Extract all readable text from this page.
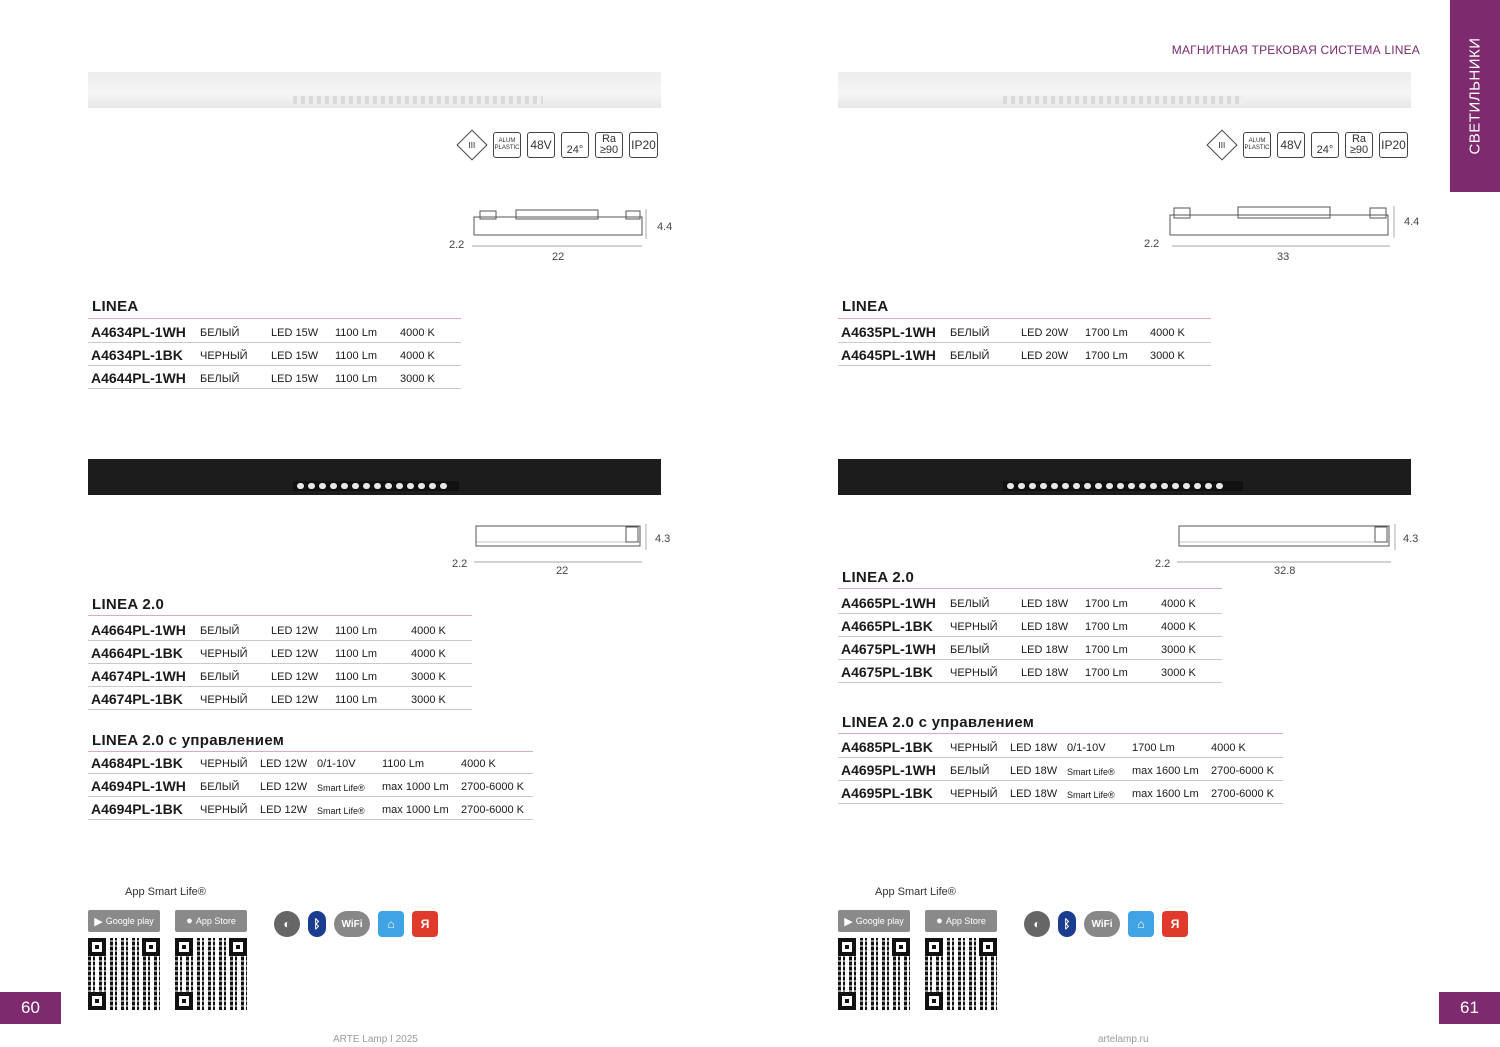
МАГНИТНАЯ ТРЕКОВАЯ СИСТЕМА LINEA	СВЕТИЛЬНИКИ
III	ALUM
PLASTIC 48V	24°
Ra
≥90 IP20
4.4
2.2
22
LINEA
A4634PL-1WH БЕЛЫЙ	LED 15W 1100 Lm 4000 K
A4634PL-1BK ЧЕРНЫЙ LED 15W 1100 Lm 4000 K
A4644PL-1WH БЕЛЫЙ	LED 15W 1100 Lm 3000 K
4.3
2.2
22
LINEA 2.0
A4664PL-1WH БЕЛЫЙ	LED 12W 1100 Lm	4000 K
A4664PL-1BK ЧЕРНЫЙ LED 12W 1100 Lm	4000 K
A4674PL-1WH БЕЛЫЙ	LED 12W 1100 Lm	3000 K
A4674PL-1BK ЧЕРНЫЙ LED 12W 1100 Lm	3000 K
LINEA 2.0 с управлением
A4684PL-1BK ЧЕРНЫЙ LED 12W 0/1-10V 1100 Lm	4000 K
A4694PL-1WH БЕЛЫЙ LED 12W Smart Life® max 1000 Lm 2700-6000 K
A4694PL-1BK ЧЕРНЫЙ LED 12W Smart Life® max 1000 Lm 2700-6000 K
App Smart Life®
▶ Google play	● App Store	◐	ᛒ	WiFi	⌂	Я
60
ARTE Lamp I 2025
III	ALUM
PLASTIC 48V	24°
Ra
≥90 IP20
4.4
2.2
33
LINEA
A4635PL-1WH БЕЛЫЙ	LED 20W 1700 Lm 4000 K
A4645PL-1WH БЕЛЫЙ	LED 20W 1700 Lm 3000 K
4.3
2.2
32.8
LINEA 2.0
A4665PL-1WH БЕЛЫЙ	LED 18W 1700 Lm	4000 K
A4665PL-1BK ЧЕРНЫЙ LED 18W 1700 Lm	4000 K
A4675PL-1WH БЕЛЫЙ	LED 18W 1700 Lm	3000 K
A4675PL-1BK ЧЕРНЫЙ LED 18W 1700 Lm	3000 K
LINEA 2.0 с управлением
A4685PL-1BK ЧЕРНЫЙ LED 18W 0/1-10V 1700 Lm	4000 K
A4695PL-1WH БЕЛЫЙ LED 18W Smart Life® max 1600 Lm 2700-6000 K
A4695PL-1BK ЧЕРНЫЙ LED 18W Smart Life® max 1600 Lm 2700-6000 K
App Smart Life®
▶ Google play	● App Store	◐	ᛒ	WiFi	⌂	Я
61
artelamp.ru
